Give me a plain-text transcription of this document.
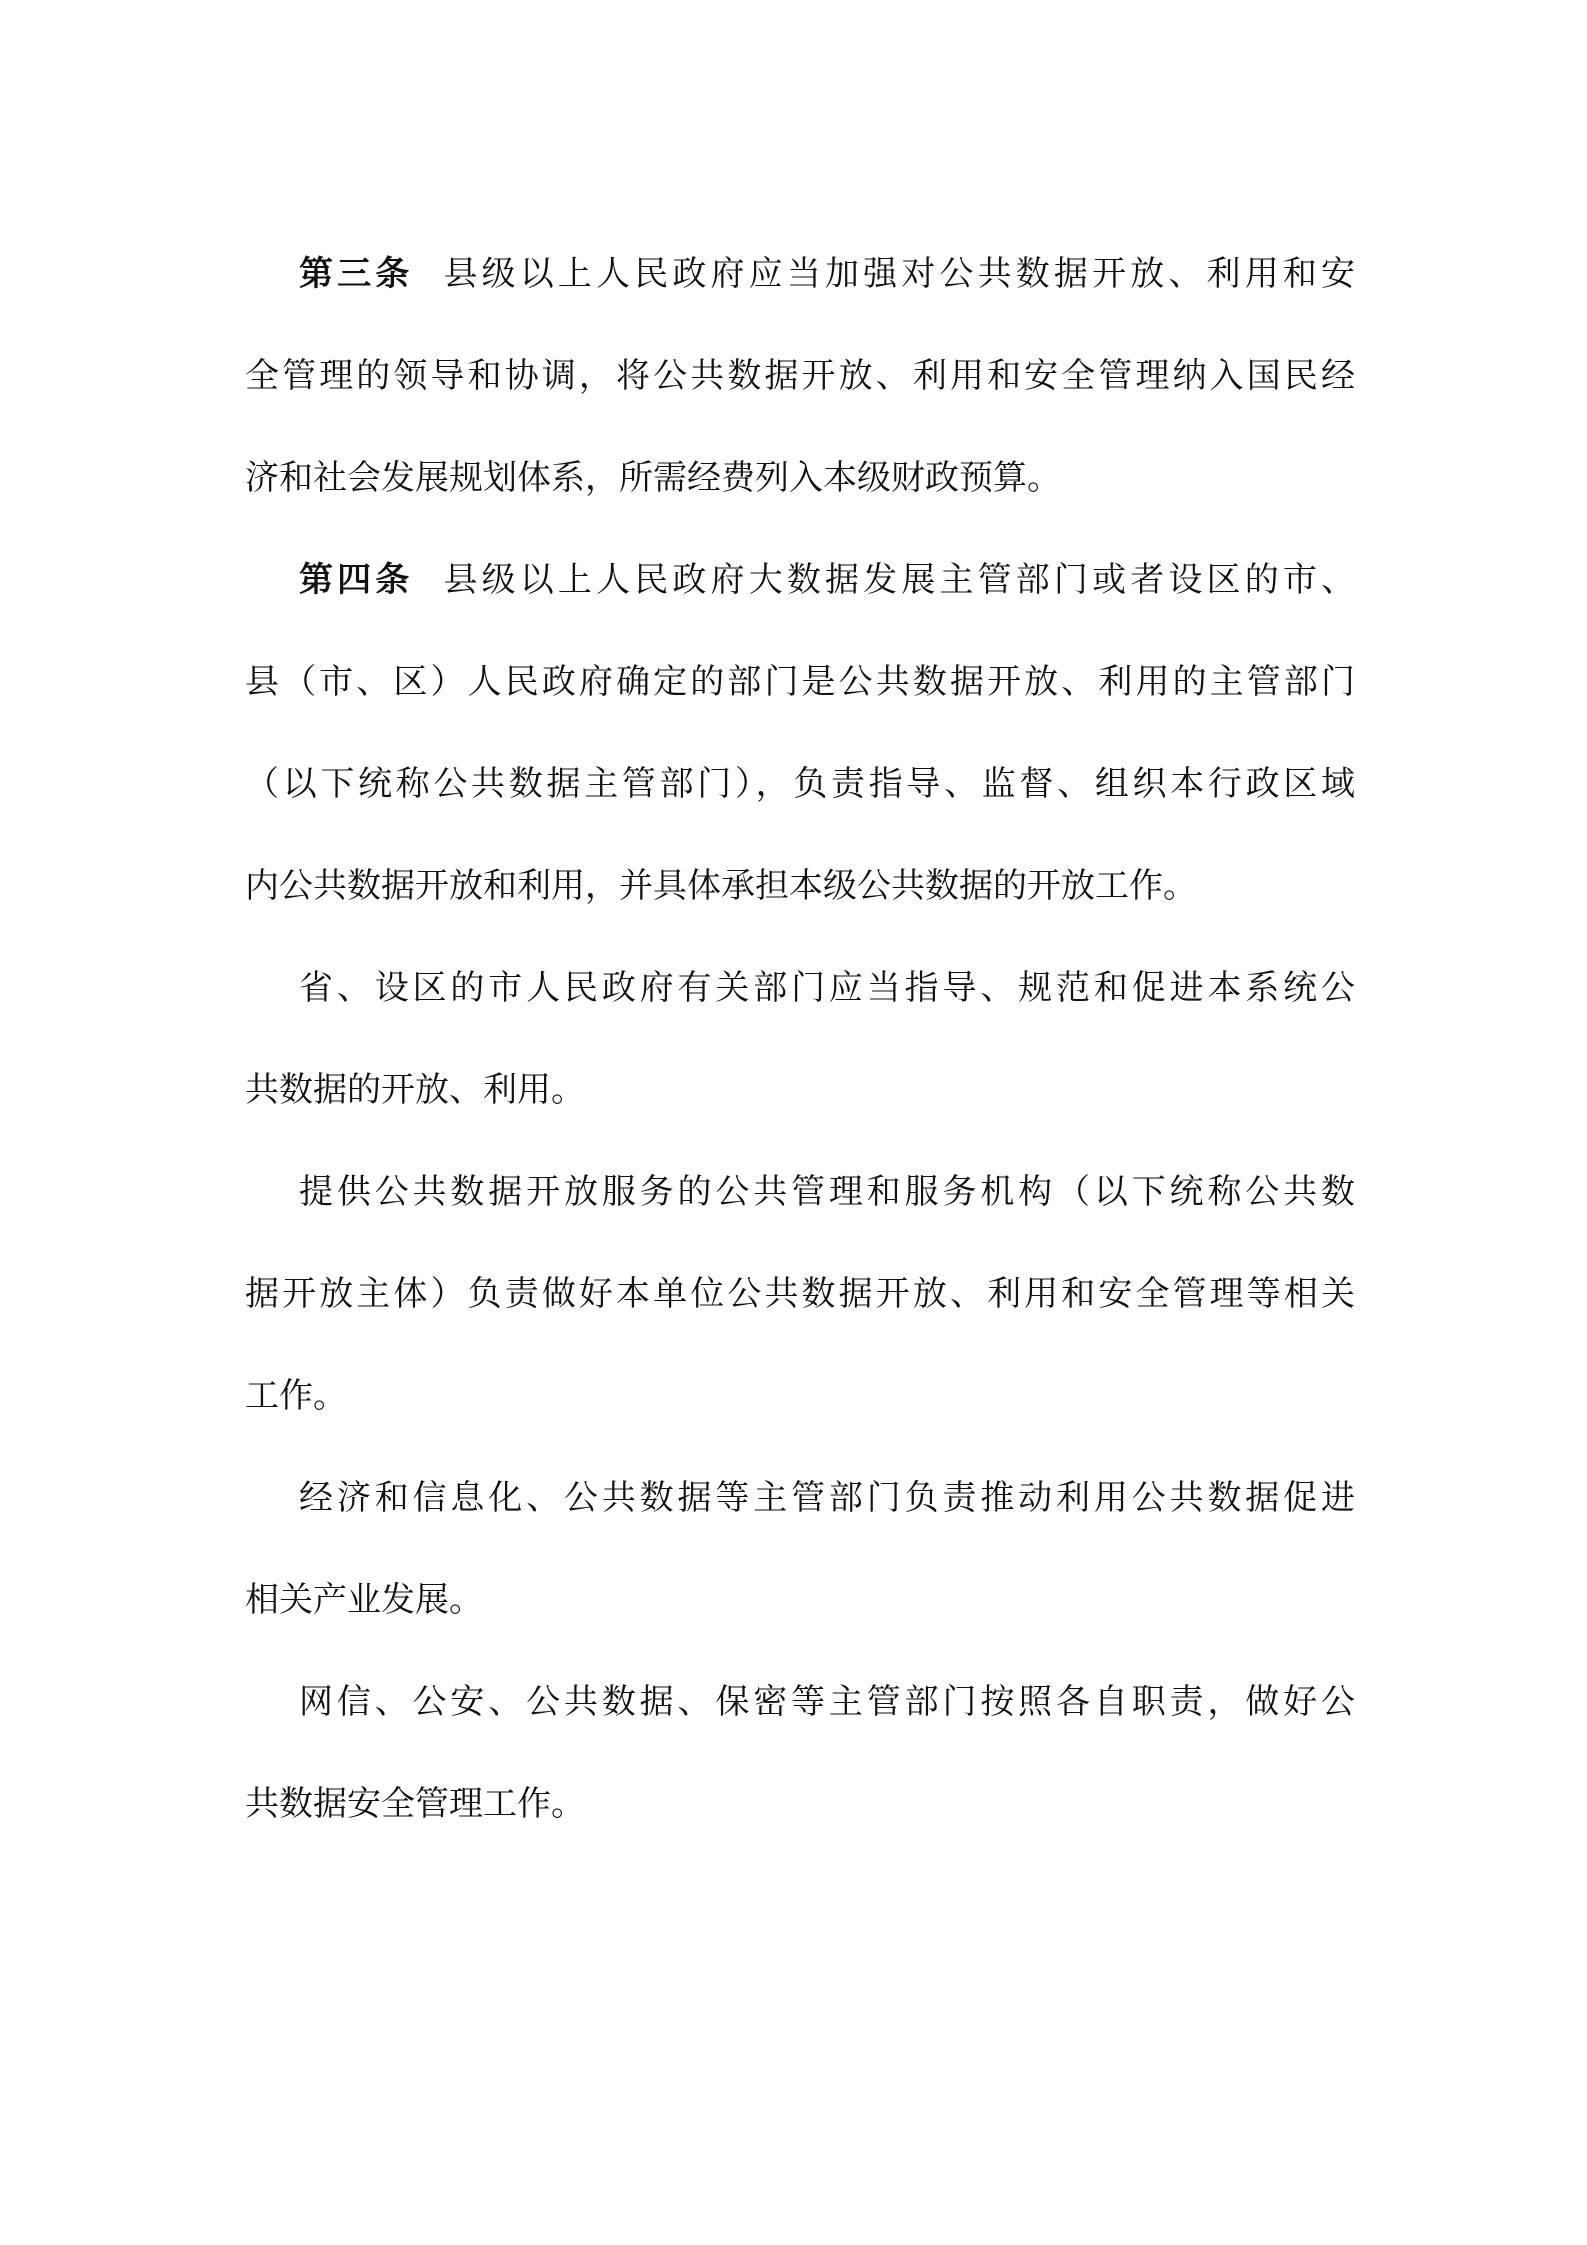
第三条 县级以上人民政府应当加强对公共数据开放、利用和安
全管理的领导和协调，将公共数据开放、利用和安全管理纳入国民经
济和社会发展规划体系，所需经费列入本级财政预算。
第四条 县级以上人民政府大数据发展主管部门或者设区的市、
县（市、区）人民政府确定的部门是公共数据开放、利用的主管部门
（以下统称公共数据主管部门），负责指导、监督、组织本行政区域
内公共数据开放和利用，并具体承担本级公共数据的开放工作。
省、设区的市人民政府有关部门应当指导、规范和促进本系统公
共数据的开放、利用。
提供公共数据开放服务的公共管理和服务机构（以下统称公共数
据开放主体）负责做好本单位公共数据开放、利用和安全管理等相关
工作。
经济和信息化、公共数据等主管部门负责推动利用公共数据促进
相关产业发展。
网信、公安、公共数据、保密等主管部门按照各自职责，做好公
共数据安全管理工作。
